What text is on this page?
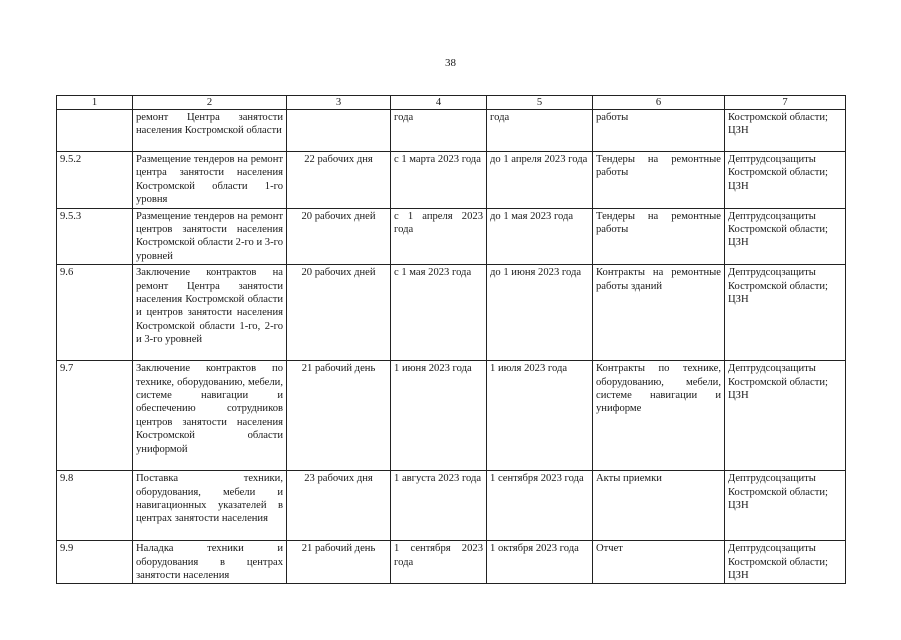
38
1	2	3	4	5	6	7
	ремонт Центра занятости населения Костромской области		года	года	работы	Костромской области; ЦЗН
9.5.2	Размещение тендеров на ремонт центра занятости населения Костромской области 1-го уровня	22 рабочих дня	с 1 марта 2023 года	до 1 апреля 2023 года	Тендеры на ремонтные работы	Дептрудсоцзащиты Костромской области; ЦЗН
9.5.3	Размещение тендеров на ремонт центров занятости населения Костромской области 2-го и 3-го уровней	20 рабочих дней	с 1 апреля 2023 года	до 1 мая 2023 года	Тендеры на ремонтные работы	Дептрудсоцзащиты Костромской области; ЦЗН
9.6	Заключение контрактов на ремонт Центра занятости населения Костромской области и центров занятости населения Костромской области 1-го, 2-го и 3-го уровней	20 рабочих дней	с 1 мая 2023 года	до 1 июня 2023 года	Контракты на ремонтные работы зданий	Дептрудсоцзащиты Костромской области; ЦЗН
9.7	Заключение контрактов по технике, оборудованию, мебели, системе навигации и обеспечению сотрудников центров занятости населения Костромской области униформой	21 рабочий день	1 июня 2023 года	1 июля 2023 года	Контракты по технике, оборудованию, мебели, системе навигации и униформе	Дептрудсоцзащиты Костромской области; ЦЗН
9.8	Поставка техники, оборудования, мебели и навигационных указателей в центрах занятости населения	23 рабочих дня	1 августа 2023 года	1 сентября 2023 года	Акты приемки	Дептрудсоцзащиты Костромской области; ЦЗН
9.9	Наладка техники и оборудования в центрах занятости населения	21 рабочий день	1 сентября 2023 года	1 октября 2023 года	Отчет	Дептрудсоцзащиты Костромской области; ЦЗН
